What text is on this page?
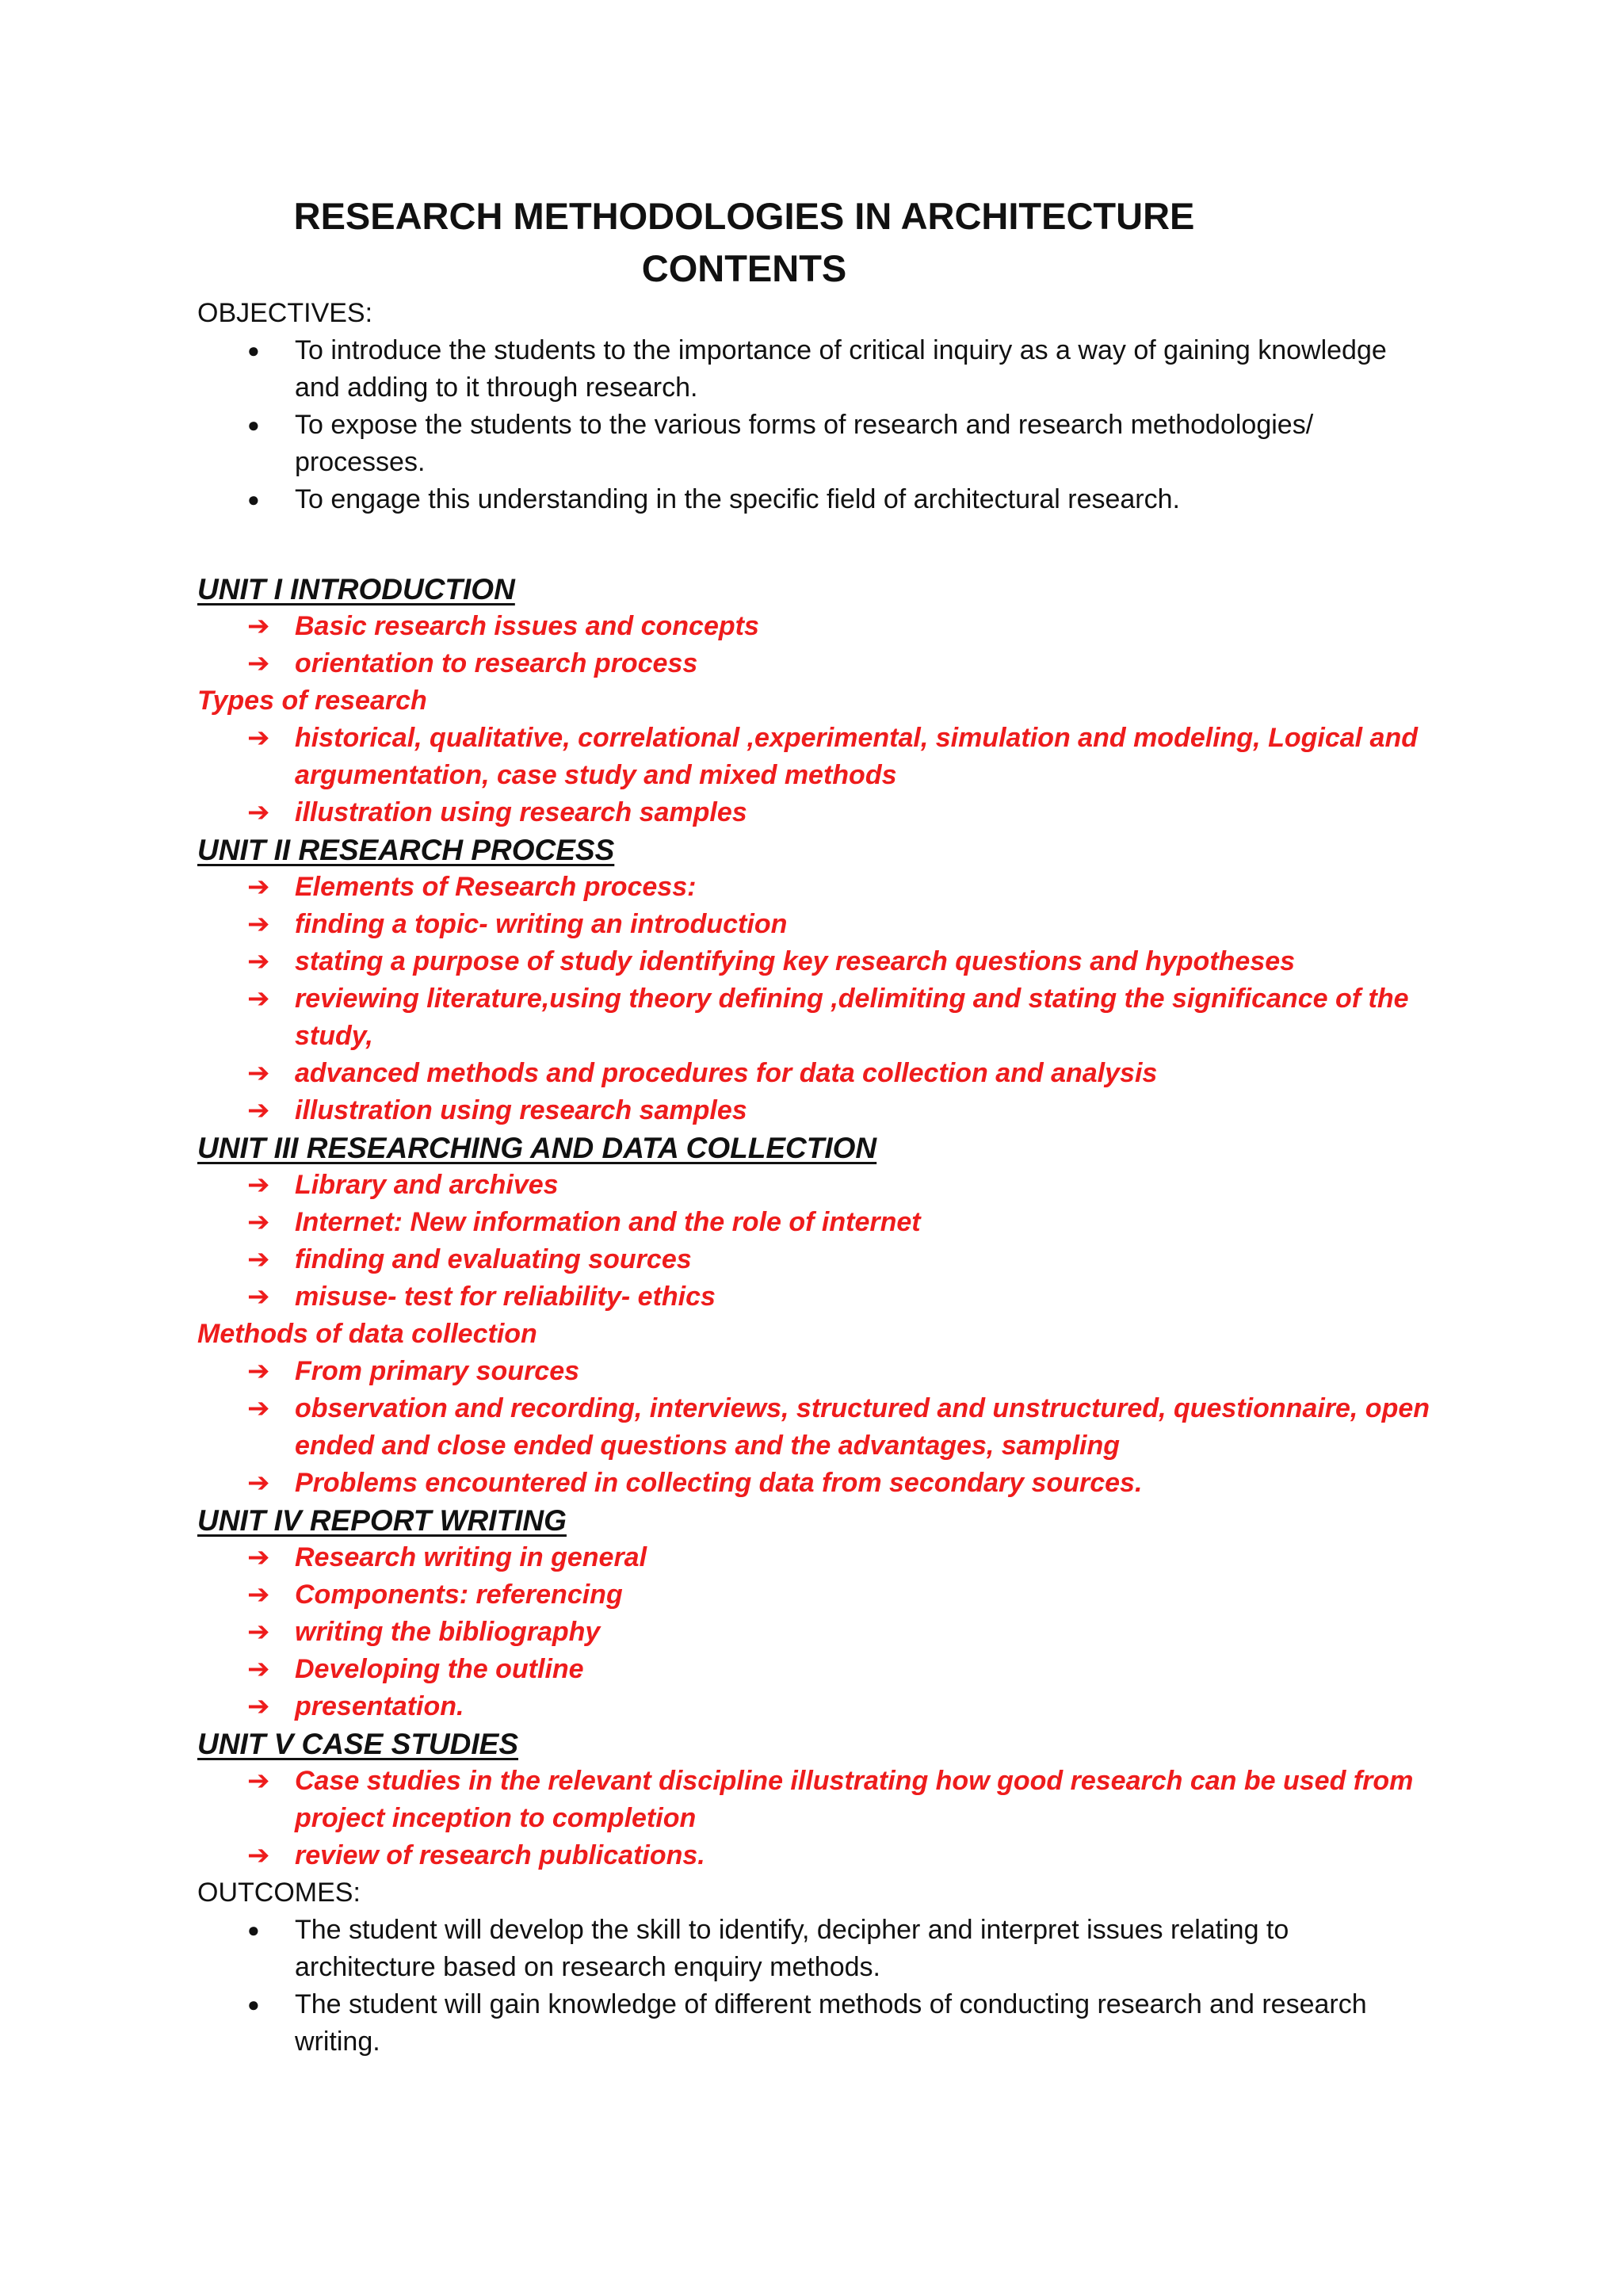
RESEARCH METHODOLOGIES IN ARCHITECTURE
CONTENTS

OBJECTIVES:

● To introduce the students to the importance of critical inquiry as a way of gaining knowledge and adding to it through research.
● To expose the students to the various forms of research and research methodologies/ processes.
● To engage this understanding in the specific field of architectural research.

UNIT I INTRODUCTION

➔ Basic research issues and concepts
➔ orientation to research process

Types of research

➔ historical, qualitative, correlational ,experimental, simulation and modeling, Logical and argumentation, case study and mixed methods
➔ illustration using research samples

UNIT II RESEARCH PROCESS

➔ Elements of Research process:
➔ finding a topic- writing an introduction
➔ stating a purpose of study identifying key research questions and hypotheses
➔ reviewing literature,using theory defining ,delimiting and stating the significance of the study,
➔ advanced methods and procedures for data collection and analysis
➔ illustration using research samples

UNIT III RESEARCHING AND DATA COLLECTION

➔ Library and archives
➔ Internet: New information and the role of internet
➔ finding and evaluating sources
➔ misuse- test for reliability- ethics

Methods of data collection

➔ From primary sources
➔ observation and recording, interviews, structured and unstructured, questionnaire, open ended and close ended questions and the advantages, sampling
➔ Problems encountered in collecting data from secondary sources.

UNIT IV REPORT WRITING

➔ Research writing in general
➔ Components: referencing
➔ writing the bibliography
➔ Developing the outline
➔ presentation.

UNIT V CASE STUDIES

➔ Case studies in the relevant discipline illustrating how good research can be used from project inception to completion
➔ review of research publications.

OUTCOMES:

● The student will develop the skill to identify, decipher and interpret issues relating to architecture based on research enquiry methods.
● The student will gain knowledge of different methods of conducting research and research writing.
